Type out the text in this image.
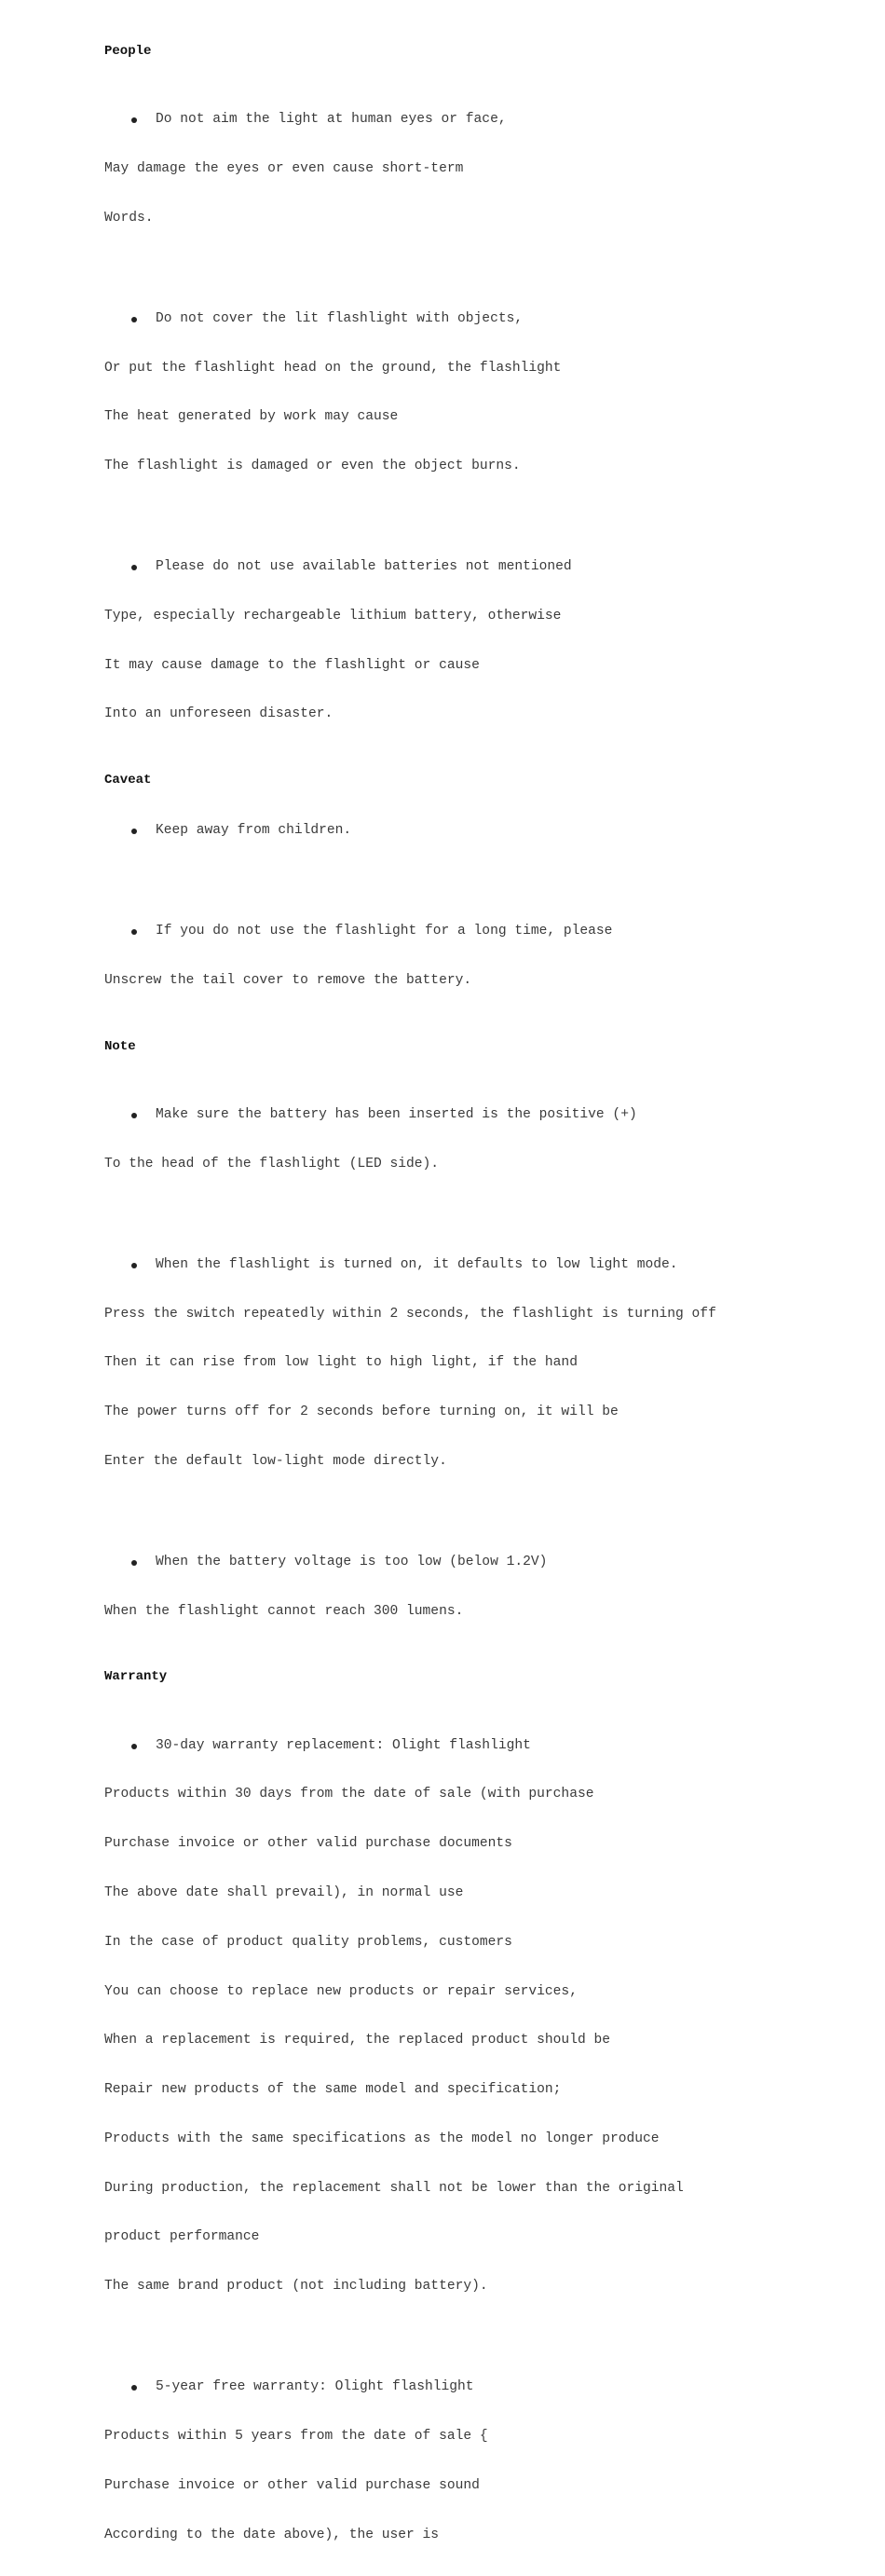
People

Do not aim the light at human eyes or face,

May damage the eyes or even cause short-term

Words.

Do not cover the lit flashlight with objects,

Or put the flashlight head on the ground, the flashlight

The heat generated by work may cause

The flashlight is damaged or even the object burns.

Please do not use available batteries not mentioned

Type, especially rechargeable lithium battery, otherwise

It may cause damage to the flashlight or cause

Into an unforeseen disaster.

Caveat

Keep away from children.

If you do not use the flashlight for a long time, please

Unscrew the tail cover to remove the battery.

Note

Make sure the battery has been inserted is the positive (+)

To the head of the flashlight (LED side).

When the flashlight is turned on, it defaults to low light mode.

Press the switch repeatedly within 2 seconds, the flashlight is turning off

Then it can rise from low light to high light, if the hand

The power turns off for 2 seconds before turning on, it will be

Enter the default low-light mode directly.

When the battery voltage is too low (below 1.2V)

When the flashlight cannot reach 300 lumens.

Warranty

30-day warranty replacement: Olight flashlight

Products within 30 days from the date of sale (with purchase

Purchase invoice or other valid purchase documents

The above date shall prevail), in normal use

In the case of product quality problems, customers

You can choose to replace new products or repair services,

When a replacement is required, the replaced product should be

Repair new products of the same model and specification;

Products with the same specifications as the model no longer produce

During production, the replacement shall not be lower than the original

product performance

The same brand product (not including battery).

5-year free warranty: Olight flashlight

Products within 5 years from the date of sale {

Purchase invoice or other valid purchase sound

According to the date above), the user is
